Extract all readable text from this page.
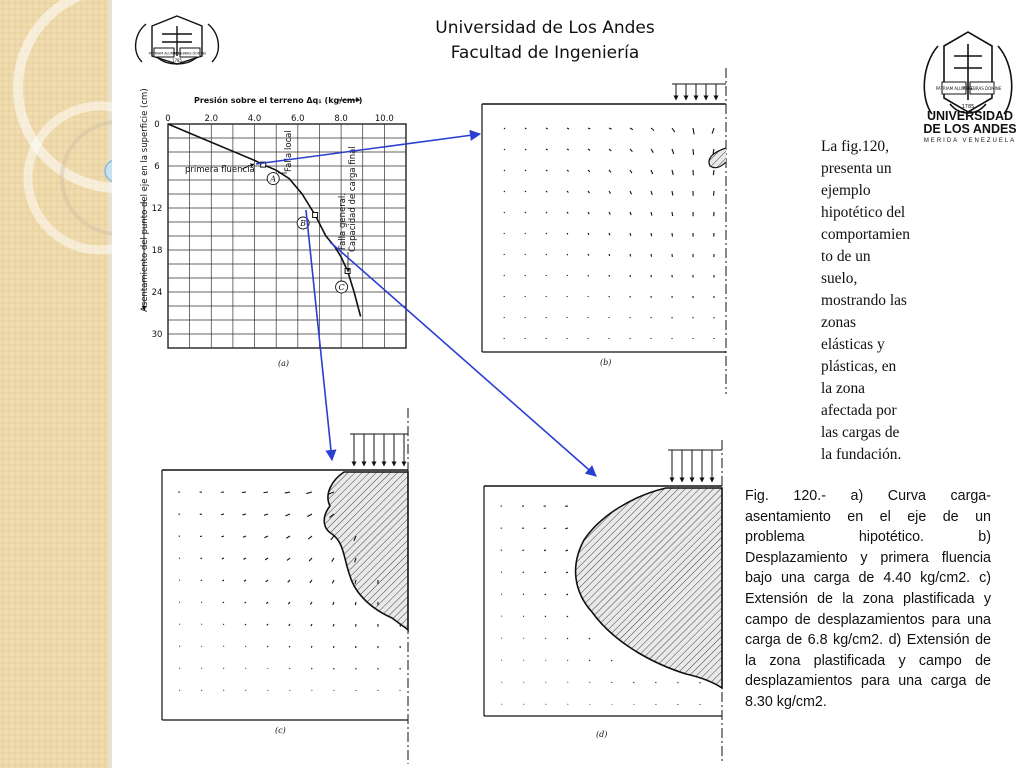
PATRIAM ALUMNIS
TENEBRAS DOMINE
1785
Universidad de Los Andes
Facultad de Ingeniería
PATRIAM ALUMNIS
TENEBRAS DOMINE
1785
UNIVERSIDAD
DE LOS ANDES
MERIDA VENEZUELA
Presión sobre el terreno Δq₁ (kg/cm²)
Asentamiento del punto del eje en la superficie (cm) 0	2.0	4.0	6.0	8.0	10.0
0
6
12
18
24
30
A
B
C
primera fluencia	Falla local
Falla general. Capacidad de carga final
(a)	(b)
(c)	(d)
La fig.120,
presenta un
ejemplo
hipotético del
comportamien
to de un
suelo,
mostrando las
zonas
elásticas y
plásticas, en
la zona
afectada por
las cargas de
la fundación.
Fig. 120.- a) Curva carga-asentamiento en el eje de un problema hipotético. b) Desplazamiento y primera fluencia bajo una carga de 4.40 kg/cm2. c) Extensión de la zona plastificada y campo de desplazamientos para una carga de 6.8 kg/cm2. d) Extensión de la zona plastificada y campo de desplazamientos para una carga de 8.30 kg/cm2.
